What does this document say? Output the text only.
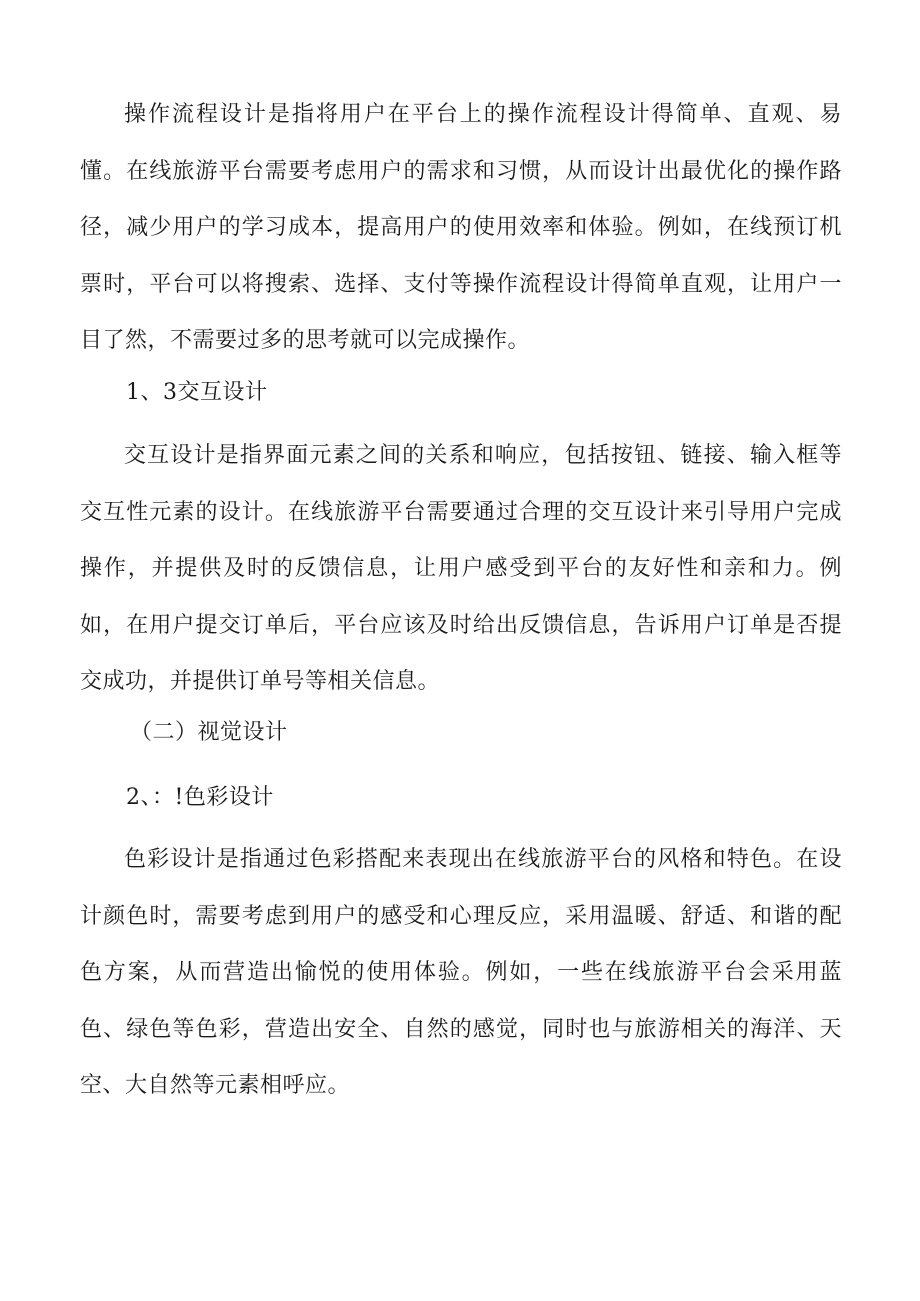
操作流程设计是指将用户在平台上的操作流程设计得简单、直观、易懂。在线旅游平台需要考虑用户的需求和习惯，从而设计出最优化的操作路径，减少用户的学习成本，提高用户的使用效率和体验。例如，在线预订机票时，平台可以将搜索、选择、支付等操作流程设计得简单直观，让用户一目了然，不需要过多的思考就可以完成操作。

1、3交互设计

交互设计是指界面元素之间的关系和响应，包括按钮、链接、输入框等交互性元素的设计。在线旅游平台需要通过合理的交互设计来引导用户完成操作，并提供及时的反馈信息，让用户感受到平台的友好性和亲和力。例如，在用户提交订单后，平台应该及时给出反馈信息，告诉用户订单是否提交成功，并提供订单号等相关信息。

（二）视觉设计
2、：!色彩设计

色彩设计是指通过色彩搭配来表现出在线旅游平台的风格和特色。在设计颜色时，需要考虑到用户的感受和心理反应，采用温暖、舒适、和谐的配色方案，从而营造出愉悦的使用体验。例如，一些在线旅游平台会采用蓝色、绿色等色彩，营造出安全、自然的感觉，同时也与旅游相关的海洋、天空、大自然等元素相呼应。
